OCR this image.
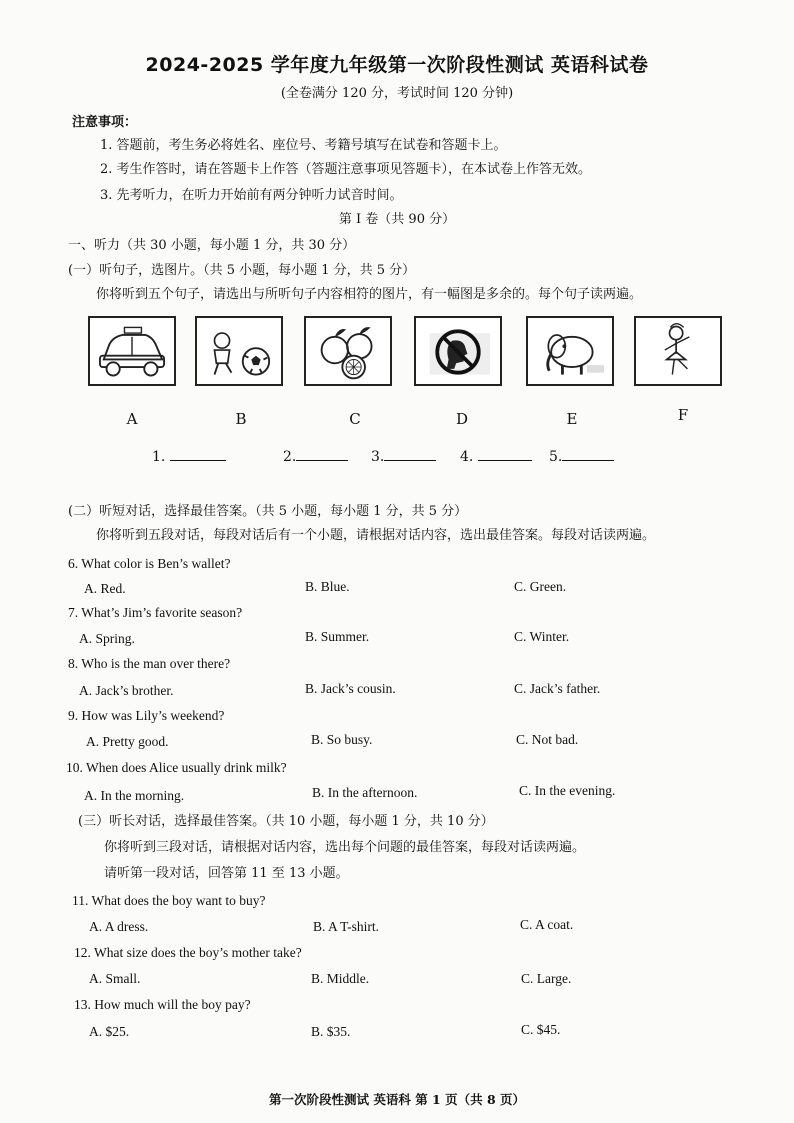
2024-2025 学年度九年级第一次阶段性测试 英语科试卷
(全卷满分 120 分，考试时间 120 分钟)
注意事项：
1. 答题前，考生务必将姓名、座位号、考籍号填写在试卷和答题卡上。
2. 考生作答时，请在答题卡上作答（答题注意事项见答题卡），在本试卷上作答无效。
3. 先考听力，在听力开始前有两分钟听力试音时间。
第 I 卷（共 90 分）
一、听力（共 30 小题，每小题 1 分，共 30 分）
(一）听句子，选图片。（共 5 小题，每小题 1 分，共 5 分）
你将听到五个句子，请选出与所听句子内容相符的图片，有一幅图是多余的。每个句子读两遍。
A	B	C	D	E	F
1.	2.	3.	4.	5.
(二）听短对话，选择最佳答案。（共 5 小题，每小题 1 分，共 5 分）
你将听到五段对话，每段对话后有一个小题，请根据对话内容，选出最佳答案。每段对话读两遍。
6. What color is Ben’s wallet?
A. Red.	B. Blue.	C. Green.
7. What’s Jim’s favorite season?
A. Spring.	B. Summer.	C. Winter.
8. Who is the man over there?
A. Jack’s brother.	B. Jack’s cousin.	C. Jack’s father.
9. How was Lily’s weekend?
A. Pretty good.	B. So busy.	C. Not bad.
10. When does Alice usually drink milk?
A. In the morning.	B. In the afternoon.	C. In the evening.
(三）听长对话，选择最佳答案。（共 10 小题，每小题 1 分，共 10 分）
你将听到三段对话，请根据对话内容，选出每个问题的最佳答案，每段对话读两遍。
请听第一段对话，回答第 11 至 13 小题。
11. What does the boy want to buy?
A. A dress.	B. A T-shirt.	C. A coat.
12. What size does the boy’s mother take?
A. Small.	B. Middle.	C. Large.
13. How much will the boy pay?
A. $25.	B. $35.	C. $45.
第一次阶段性测试 英语科 第 1 页（共 8 页）
